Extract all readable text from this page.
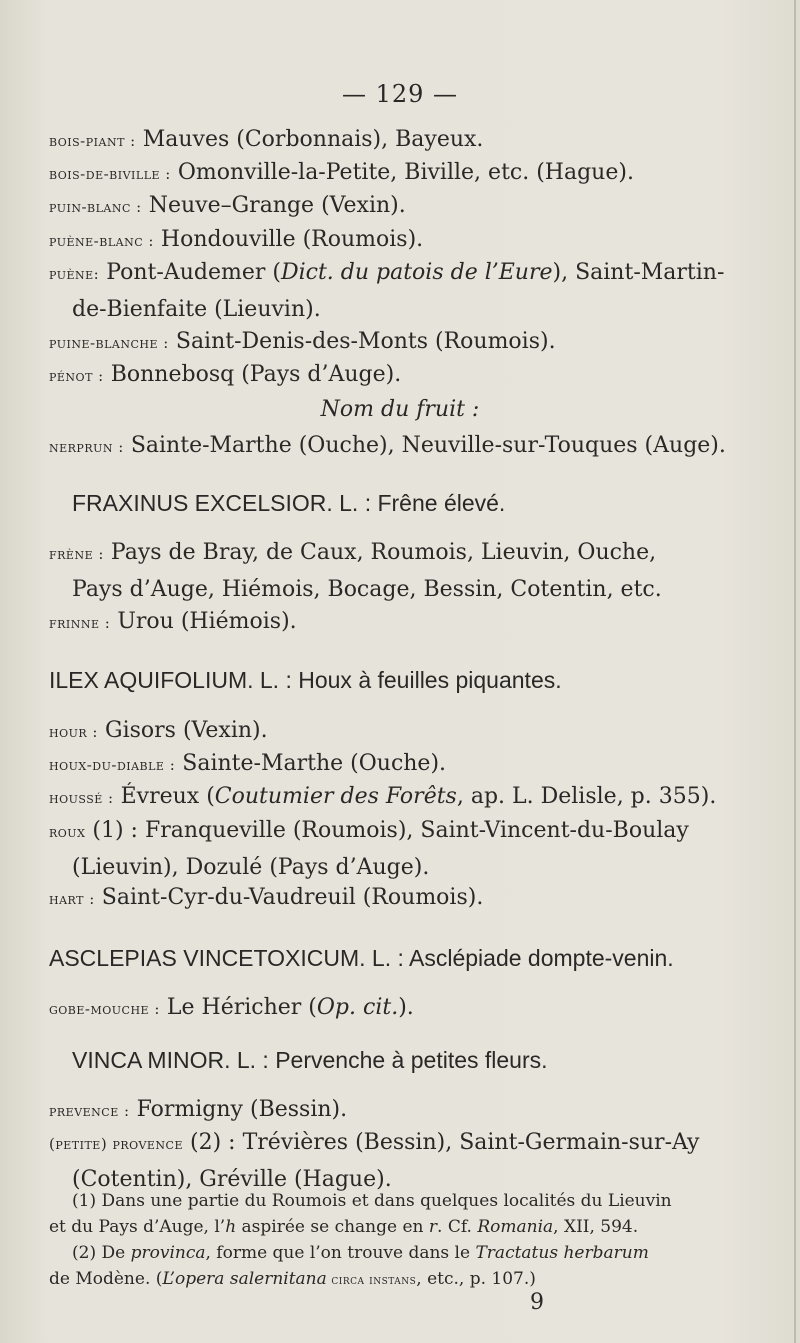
— 129 —
bois-piant : Mauves (Corbonnais), Bayeux.
bois-de-biville : Omonville-la-Petite, Biville, etc. (Hague).
puin-blanc : Neuve–Grange (Vexin).
puène-blanc : Hondouville (Roumois).
puène: Pont-Audemer (Dict. du patois de l’Eure), Saint-Martin-
de-Bienfaite (Lieuvin).
puine-blanche : Saint-Denis-des-Monts (Roumois).
pénot : Bonnebosq (Pays d’Auge).
Nom du fruit :
nerprun : Sainte-Marthe (Ouche), Neuville-sur-Touques (Auge).
FRAXINUS EXCELSIOR. L. : Frêne élevé.
frène : Pays de Bray, de Caux, Roumois, Lieuvin, Ouche,
Pays d’Auge, Hiémois, Bocage, Bessin, Cotentin, etc.
frinne : Urou (Hiémois).
ILEX AQUIFOLIUM. L. : Houx à feuilles piquantes.
hour : Gisors (Vexin).
houx-du-diable : Sainte-Marthe (Ouche).
houssé : Évreux (Coutumier des Forêts, ap. L. Delisle, p. 355).
roux (1) : Franqueville (Roumois), Saint-Vincent-du-Boulay
(Lieuvin), Dozulé (Pays d’Auge).
hart : Saint-Cyr-du-Vaudreuil (Roumois).
ASCLEPIAS VINCETOXICUM. L. : Asclépiade dompte-venin.
gobe-mouche : Le Héricher (Op. cit.).
VINCA MINOR. L. : Pervenche à petites fleurs.
prevence : Formigny (Bessin).
(petite) provence (2) : Trévières (Bessin), Saint-Germain-sur-Ay
(Cotentin), Gréville (Hague).
(1) Dans une partie du Roumois et dans quelques localités du Lieuvin
et du Pays d’Auge, l’h aspirée se change en r. Cf. Romania, XII, 594.
(2) De provinca, forme que l’on trouve dans le Tractatus herbarum
de Modène. (L’opera salernitana circa instans, etc., p. 107.)
9
